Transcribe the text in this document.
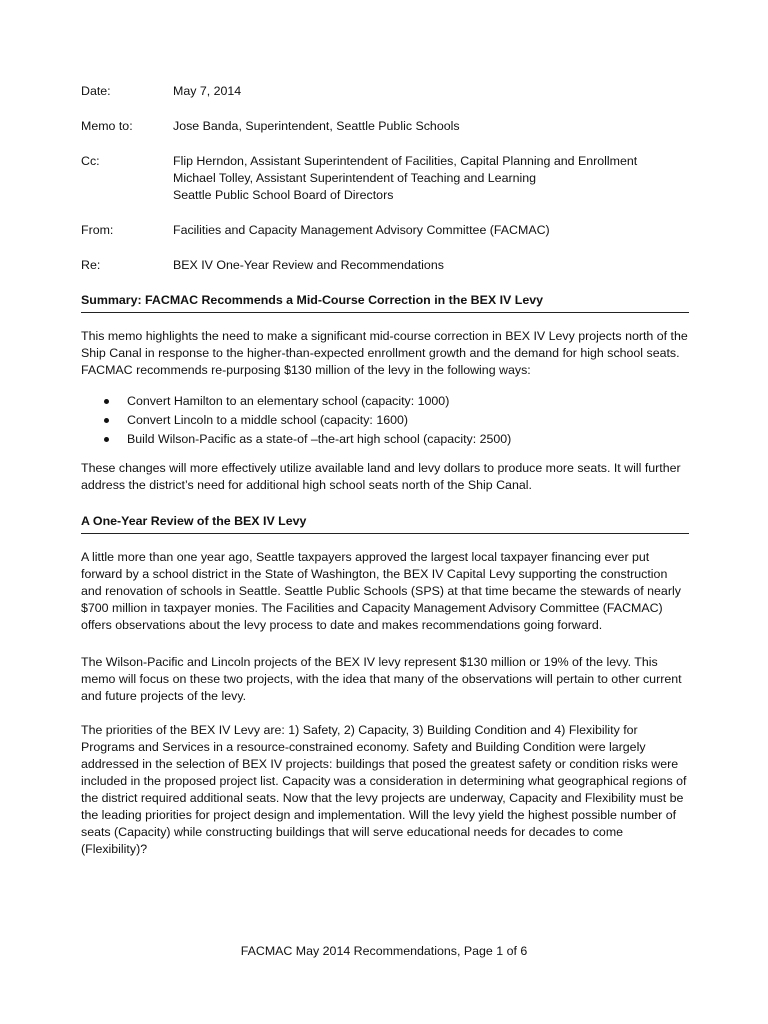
Date:	May 7, 2014
Memo to:	Jose Banda, Superintendent, Seattle Public Schools
Cc:	Flip Herndon, Assistant Superintendent of Facilities, Capital Planning and Enrollment
Michael Tolley, Assistant Superintendent of Teaching and Learning
Seattle Public School Board of Directors
From:	Facilities and Capacity Management Advisory Committee (FACMAC)
Re:	BEX IV One-Year Review and Recommendations
Summary: FACMAC Recommends a Mid-Course Correction in the BEX IV Levy

This memo highlights the need to make a significant mid-course correction in BEX IV Levy projects north of the Ship Canal in response to the higher-than-expected enrollment growth and the demand for high school seats. FACMAC recommends re-purposing $130 million of the levy in the following ways:

Convert Hamilton to an elementary school (capacity: 1000)
Convert Lincoln to a middle school (capacity: 1600)
Build Wilson-Pacific as a state-of –the-art high school (capacity: 2500)

These changes will more effectively utilize available land and levy dollars to produce more seats. It will further address the district’s need for additional high school seats north of the Ship Canal.

A One-Year Review of the BEX IV Levy

A little more than one year ago, Seattle taxpayers approved the largest local taxpayer financing ever put forward by a school district in the State of Washington, the BEX IV Capital Levy supporting the construction and renovation of schools in Seattle. Seattle Public Schools (SPS) at that time became the stewards of nearly $700 million in taxpayer monies. The Facilities and Capacity Management Advisory Committee (FACMAC) offers observations about the levy process to date and makes recommendations going forward.

The Wilson-Pacific and Lincoln projects of the BEX IV levy represent $130 million or 19% of the levy. This memo will focus on these two projects, with the idea that many of the observations will pertain to other current and future projects of the levy.

The priorities of the BEX IV Levy are: 1) Safety, 2) Capacity, 3) Building Condition and 4) Flexibility for Programs and Services in a resource-constrained economy. Safety and Building Condition were largely addressed in the selection of BEX IV projects: buildings that posed the greatest safety or condition risks were included in the proposed project list. Capacity was a consideration in determining what geographical regions of the district required additional seats. Now that the levy projects are underway, Capacity and Flexibility must be the leading priorities for project design and implementation. Will the levy yield the highest possible number of seats (Capacity) while constructing buildings that will serve educational needs for decades to come (Flexibility)?

FACMAC May 2014 Recommendations, Page 1 of 6
